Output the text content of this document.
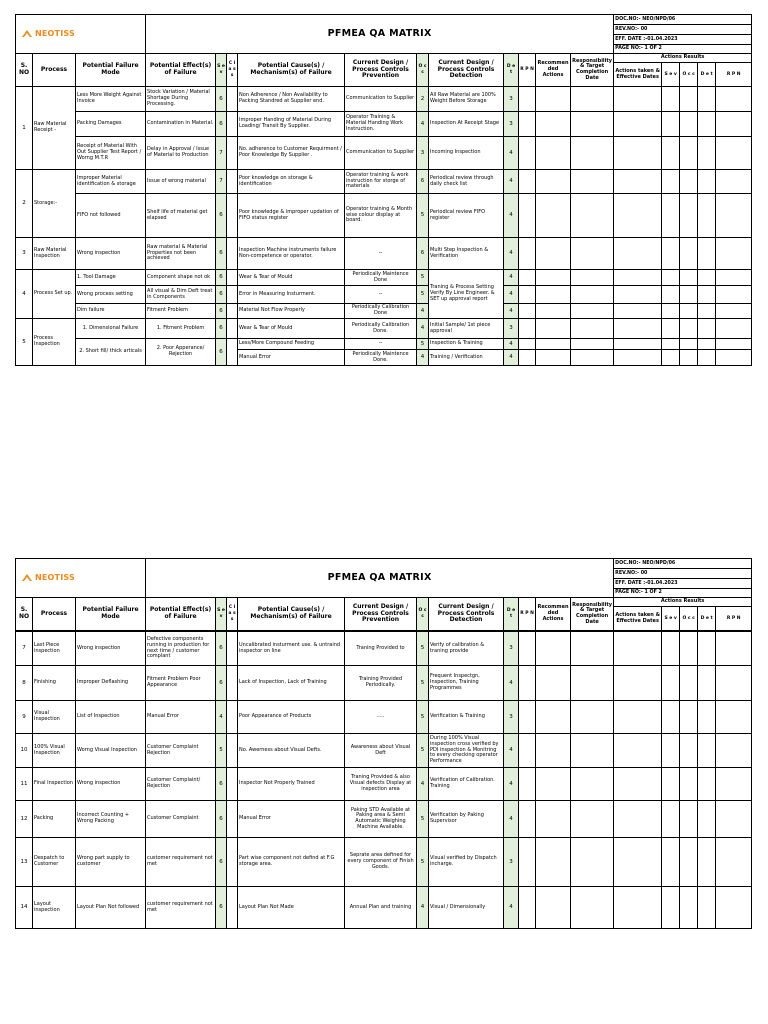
NEOTISS			PFMEA QA MATRIX											DOC.NO:- NEO/NPD/06				
														REV.NO:- 00				
														EFF. DATE :-01.04.2023				
														PAGE NO:- 1 OF 2				
S. NO	Process	Potential Failure Mode	Potential Effect(s) of Failure	S e v	C l a s s	Potential Cause(s) / Mechanism(s) of Failure	Current Design / Process Controls Prevention	O c c	Current Design / Process Controls Detection	D e t	R P N	Recommended Actions	Responsibility & Target Completion Date	Actions Results				
														Actions taken & Effective Dates	S e v	O c c	D e t	R P N
1	Raw Material Receipt -	Less More Weight Against Invoice	Stock Variation / Material Shortage During Processing.	6		Non Adherence / Non Availability to Packing Standred at Supplier end.	Communication to Supplier	2	All Raw Material are 100% Weight Before Storage	3								
		Packing Damages	Contamination in Material.	6		Improper Handing of Material During Loading/ Transit By Supplier.	Operator Training & Material Handing Work Instruction.	4	Inspection At Receipt Stage	3								
		Receipt of Material With Out Supplier Test Report / Worng M.T.R	Delay in Approval / Issue of Material to Production	7		No. adherence to Customer Requirment / Poor Knowledge By Supplier .	Communication to Supplier	3	Incoming Inspection	4								
2	Storage:-	Improper Material identification & storage	Issue of wrong material	7		Poor knowledge on storage & identification	Operator training & work instruction for storge of materials	6	Periodical review through daily check list	4								
		FIFO not followed	Shelf life of material get elapsed	6		Poor knowledge & improper updation of FIFO status register	Operator training & Month wise colour display at board.	5	Periodical review FIFO register	4								
3	Raw Material Inspection	Wrong inspection	Raw material & Material Properties not been achieved	6		Inspection Machine instruments failure Non-competence or operator.	--	6	Multi Step Inspection & Verification	4								
4	Process Set up.	1. Tool Damage	Component shape not ok	6		Wear & Tear of Mould	Periodically Maintence Done	5	Traning & Process Setting Verify By Line Engineer. & SET up approval report	4								
		Wrong process setting	All visual & Dim Deft treat in Components	6		Error in Measuring Insturment.	--	5		4								
		Dim failure	Fitment Problem	6		Material Not Flow Properly	Periodically Calibration Done	4		4								
5	Process Inspection	1. Dimensional Failure	1. Fitment Problem	6		Wear & Tear of Mould	Periodically Calibration Done.	4	Initial Sample/ 1st piece approval	3								
		2. Short fill/ thick articals	2. Poor Apperance/ Rejection	6		Less/More Compound Feeding	--	5	Inspection & Training	4								
						Manual Error	Periodically Maintence Done.	4	Training / Verification	4								
NEOTISS			PFMEA QA MATRIX											DOC.NO:- NEO/NPD/06				
														REV.NO:- 00				
														EFF. DATE :-01.04.2023				
														PAGE NO:- 1 OF 2				
S. NO	Process	Potential Failure Mode	Potential Effect(s) of Failure	S e v	C l a s s	Potential Cause(s) / Mechanism(s) of Failure	Current Design / Process Controls Prevention	O c c	Current Design / Process Controls Detection	D e t	R P N	Recommended Actions	Responsibility & Target Completion Date	Actions Results				
														Actions taken & Effective Dates	S e v	O c c	D e t	R P N
7	Last Piece inspection	Wrong inspection	Defective components running in production for next time / customer complant	6		Uncalibrated insturment use. & untraind inspector on line	Traning Provided to	5	Verify of calibration & traning provide	3								
8	Finishing	Improper Deflashing	Fitment Problem Poor Appearance	6		Lack of Inspection, Lack of Training	Training Provided Periodically.	5	Frequent Inspectgn, Inspection, Training Programmes	4								
9	Visual Inspection	List of Inspection	Manual Error	4		Poor Appearance of Products	.....	5	Verification & Training	3								
10	100% Visual Inspection	Worng Visual Inspection	Customer Complaint Rejection	5		No. Awerness about Visual Defts.	Awareness about Visual Deft	5	During 100% Visual inspection cross verified by PDI inspection & Monitring to every checking operator Performance	4								
11	Final Inspection	Wrong inspection	Customer Complaint/ Rejection	6		Inspector Not Properly Trained	Traning Provided & also Visual defects Display at inspection area	4	Verification of Calibration. Training	4								
12	Packing	Incorrect Counting + Wrong Packing	Customer Complaint	6		Manual Error	Paking STD Available at Paking area & Semi Automatic Weighing Machine Available.	5	Verification by Paking Supervisor	4								
13	Despatch to Customer	Wrong part supply to customer	customer requirement not met	6		Part wise component not defind at F.G storage area.	Seprate area defined for every component of Finish Goods.	5	Visual verified by Dispatch incharge.	3								
14	Layout inspection	Layout Plan Not followed	customer requirement not met	6		Layout Plan Not Made	Annual Plan and training	4	Visual / Dimensionally	4								
